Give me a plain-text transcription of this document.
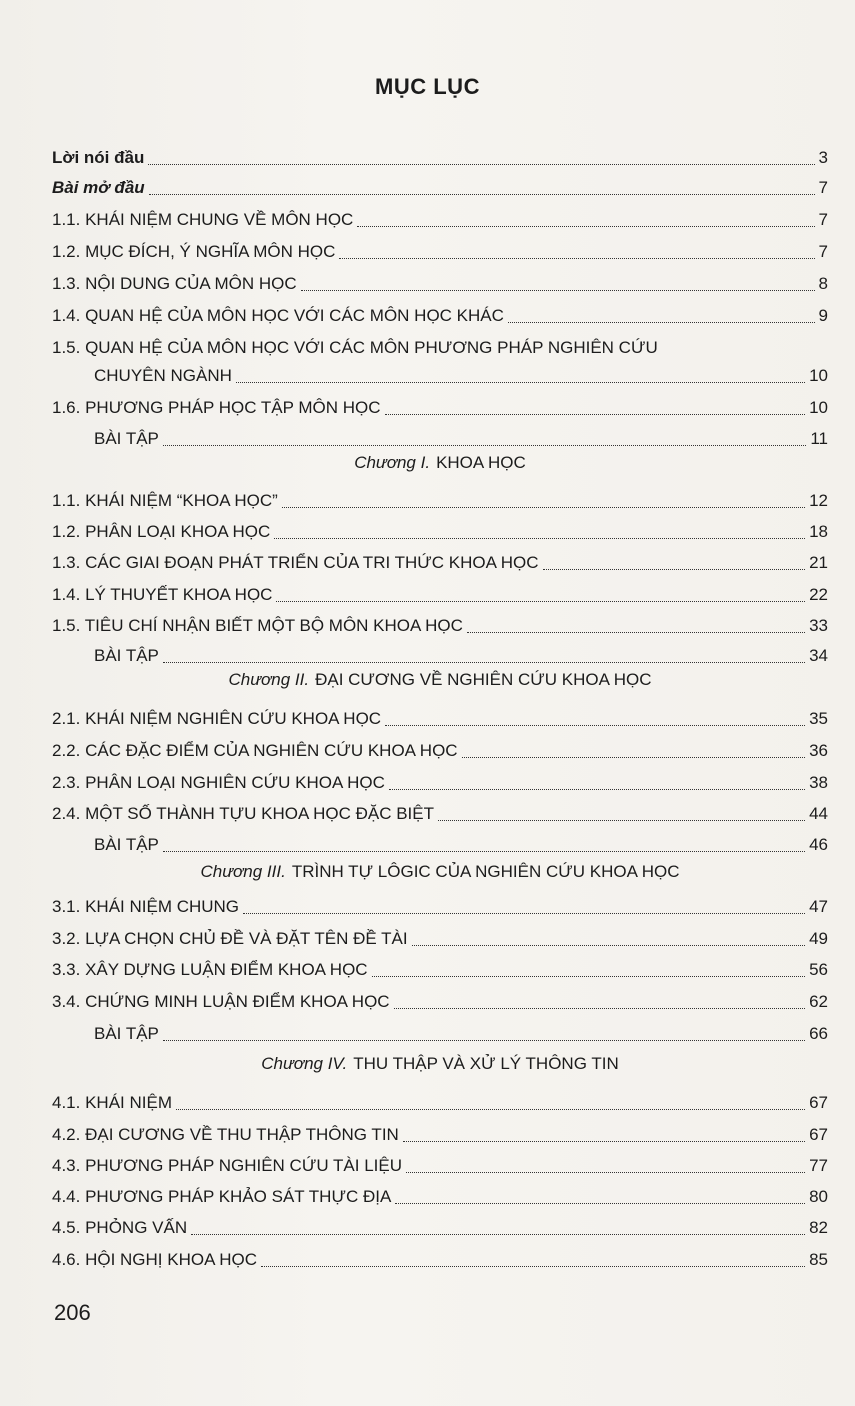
MỤC LỤC
Lời nói đầu	3
Bài mở đầu	7
1.1. KHÁI NIỆM CHUNG VỀ MÔN HỌC	7
1.2. MỤC ĐÍCH, Ý NGHĨA MÔN HỌC	7
1.3. NỘI DUNG CỦA MÔN HỌC	8
1.4. QUAN HỆ CỦA MÔN HỌC VỚI CÁC MÔN HỌC KHÁC	9
1.5. QUAN HỆ CỦA MÔN HỌC VỚI CÁC MÔN PHƯƠNG PHÁP NGHIÊN CỨU
CHUYÊN NGÀNH	10
1.6. PHƯƠNG PHÁP HỌC TẬP MÔN HỌC	10
BÀI TẬP	11
Chương I. KHOA HỌC
1.1. KHÁI NIỆM “KHOA HỌC”	12
1.2. PHÂN LOẠI KHOA HỌC	18
1.3. CÁC GIAI ĐOẠN PHÁT TRIỂN CỦA TRI THỨC KHOA HỌC	21
1.4. LÝ THUYẾT KHOA HỌC	22
1.5. TIÊU CHÍ NHẬN BIẾT MỘT BỘ MÔN KHOA HỌC	33
BÀI TẬP	34
Chương II. ĐẠI CƯƠNG VỀ NGHIÊN CỨU KHOA HỌC
2.1. KHÁI NIỆM NGHIÊN CỨU KHOA HỌC	35
2.2. CÁC ĐẶC ĐIỂM CỦA NGHIÊN CỨU KHOA HỌC	36
2.3. PHÂN LOẠI NGHIÊN CỨU KHOA HỌC	38
2.4. MỘT SỐ THÀNH TỰU KHOA HỌC ĐẶC BIỆT	44
BÀI TẬP	46
Chương III. TRÌNH TỰ LÔGIC CỦA NGHIÊN CỨU KHOA HỌC
3.1. KHÁI NIỆM CHUNG	47
3.2. LỰA CHỌN CHỦ ĐỀ VÀ ĐẶT TÊN ĐỀ TÀI	49
3.3. XÂY DỰNG LUẬN ĐIỂM KHOA HỌC	56
3.4. CHỨNG MINH LUẬN ĐIỂM KHOA HỌC	62
BÀI TẬP	66
Chương IV. THU THẬP VÀ XỬ LÝ THÔNG TIN
4.1. KHÁI NIỆM	67
4.2. ĐẠI CƯƠNG VỀ THU THẬP THÔNG TIN	67
4.3. PHƯƠNG PHÁP NGHIÊN CỨU TÀI LIỆU	77
4.4. PHƯƠNG PHÁP KHẢO SÁT THỰC ĐỊA	80
4.5. PHỎNG VẤN	82
4.6. HỘI NGHỊ KHOA HỌC	85
206
